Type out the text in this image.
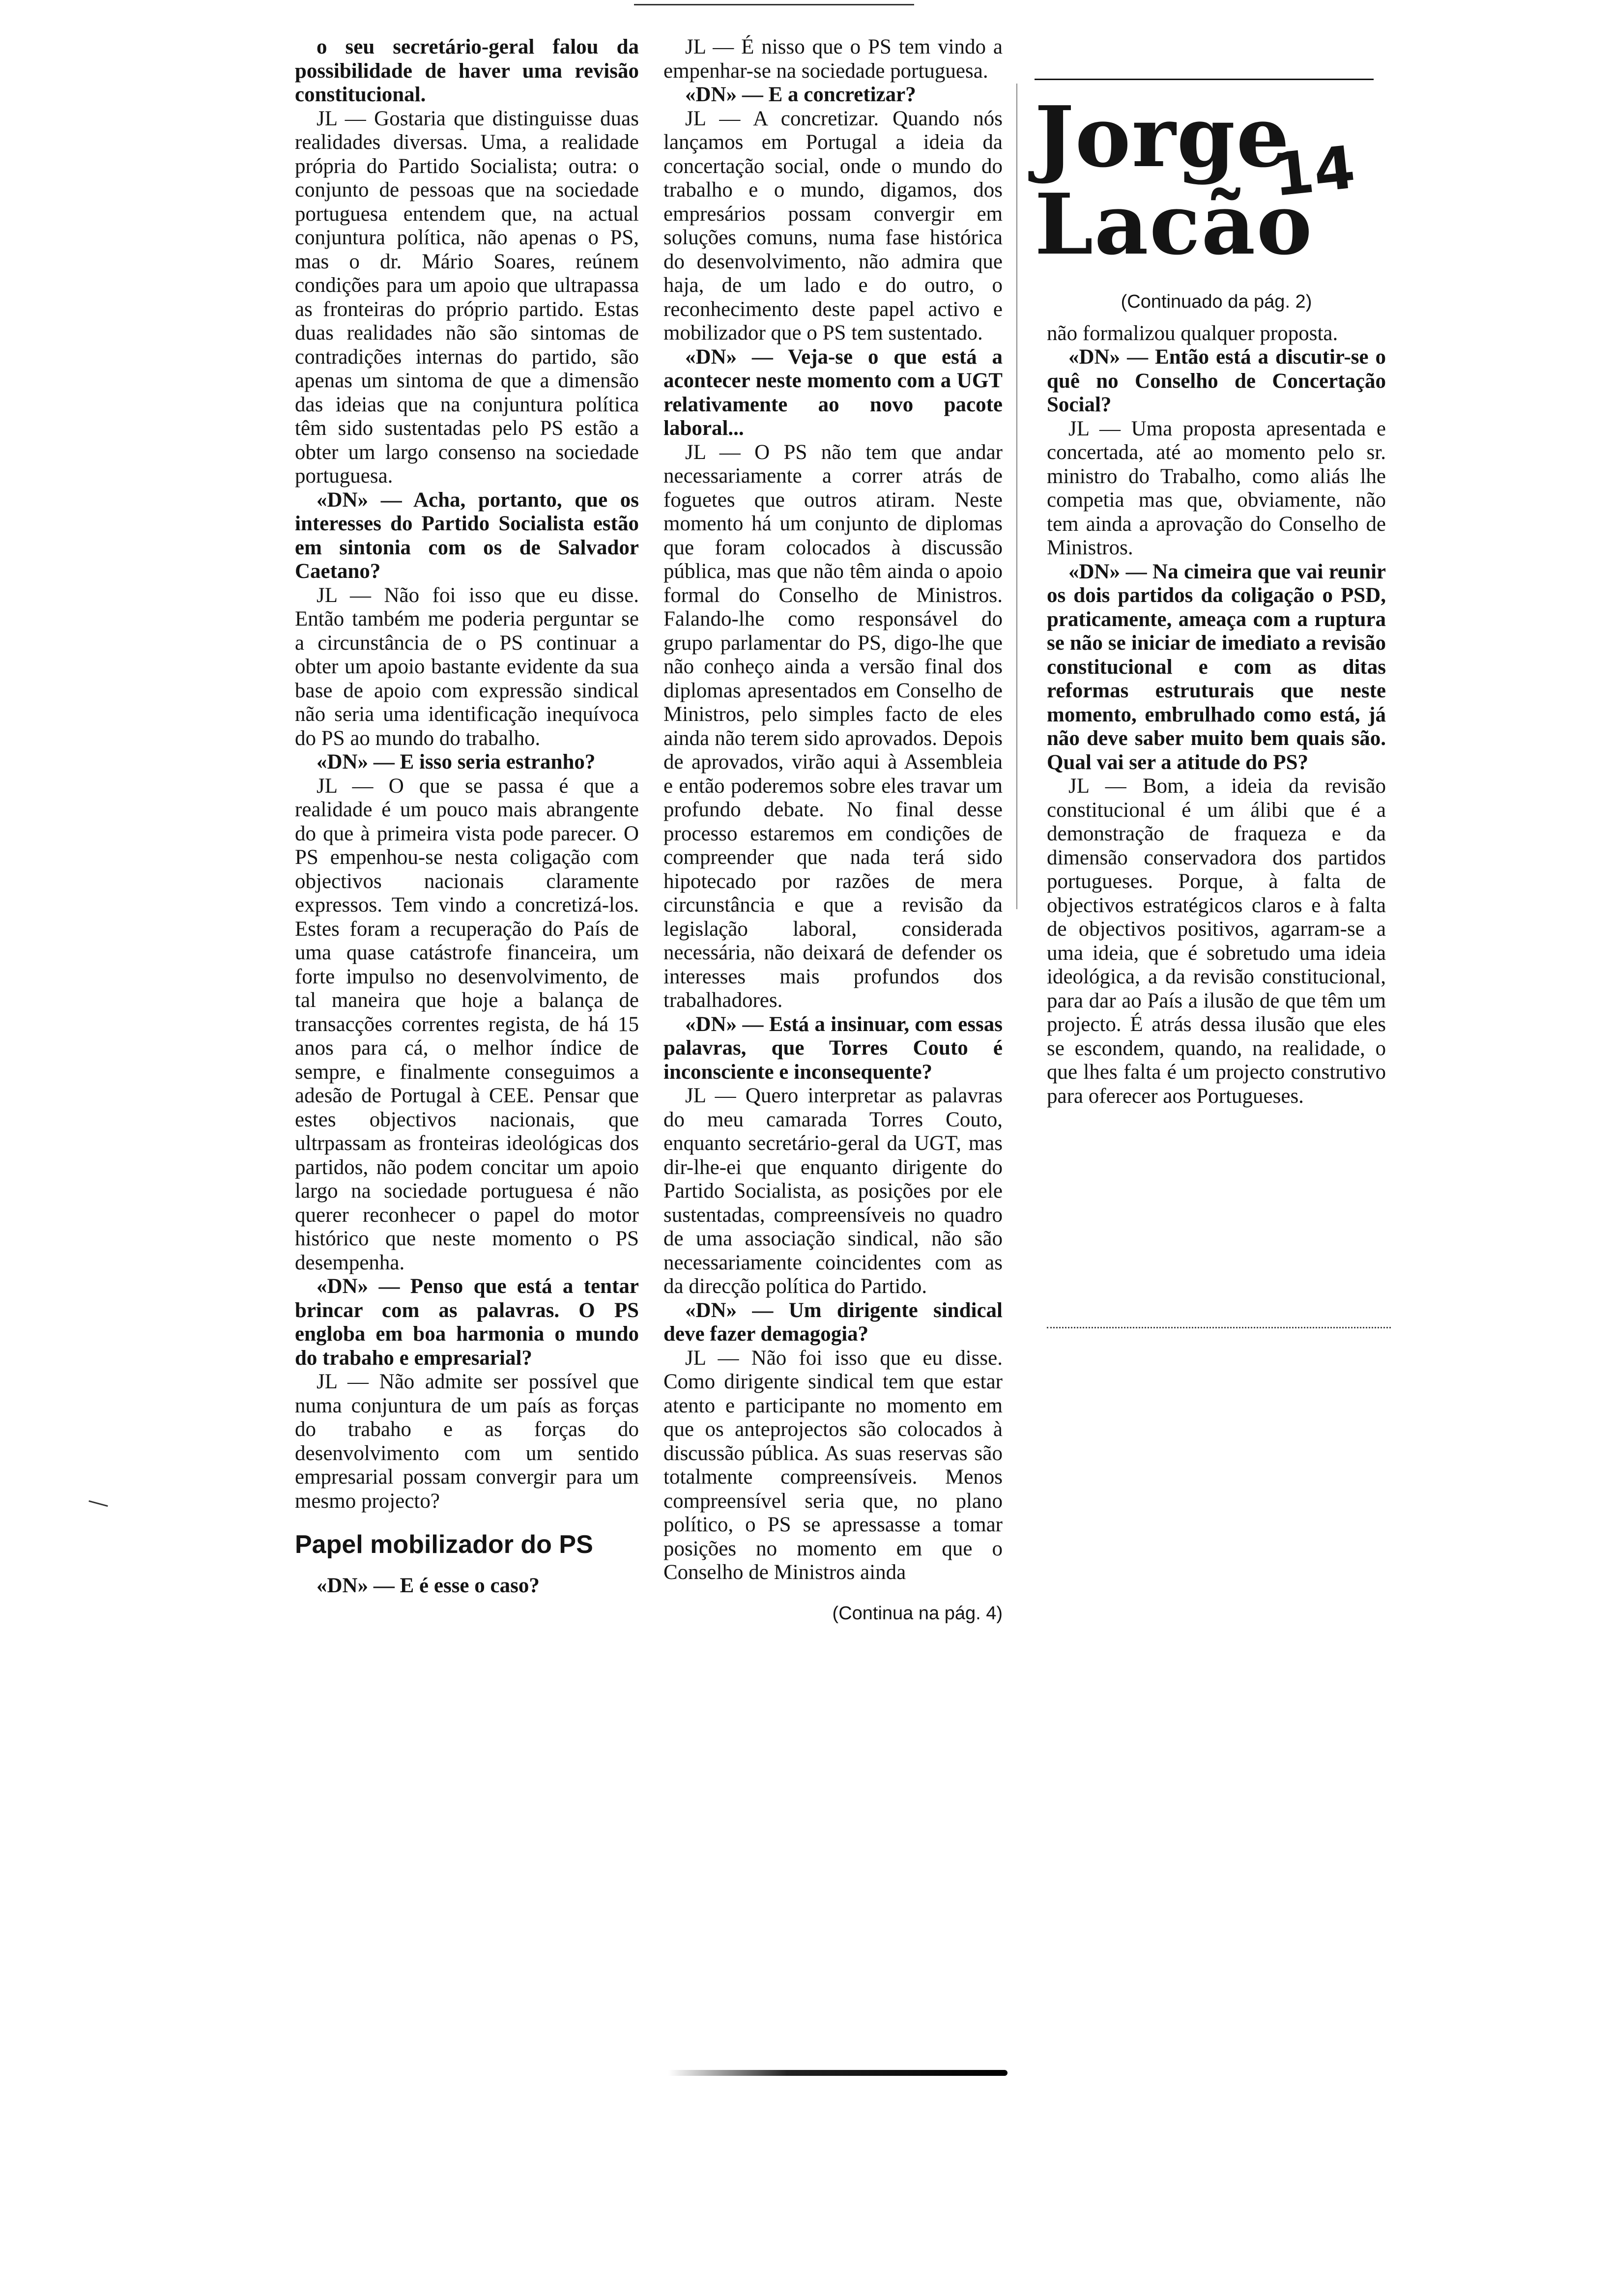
o seu secretário-geral falou da possibilidade de haver uma revisão constitucional.

JL — Gostaria que distinguisse duas realidades diversas. Uma, a realidade própria do Partido Socialista; outra: o conjunto de pessoas que na sociedade portuguesa entendem que, na actual conjuntura política, não apenas o PS, mas o dr. Mário Soares, reúnem condições para um apoio que ultrapassa as fronteiras do próprio partido. Estas duas realidades não são sintomas de contradições internas do partido, são apenas um sintoma de que a dimensão das ideias que na conjuntura política têm sido sustentadas pelo PS estão a obter um largo consenso na sociedade portuguesa.

«DN» — Acha, portanto, que os interesses do Partido Socialista estão em sintonia com os de Salvador Caetano?

JL — Não foi isso que eu disse. Então também me poderia perguntar se a circunstância de o PS continuar a obter um apoio bastante evidente da sua base de apoio com expressão sindical não seria uma identificação inequívoca do PS ao mundo do trabalho.

«DN» — E isso seria estranho?

JL — O que se passa é que a realidade é um pouco mais abrangente do que à primeira vista pode parecer. O PS empenhou-se nesta coligação com objectivos nacionais claramente expressos. Tem vindo a concretizá-los. Estes foram a recuperação do País de uma quase catástrofe financeira, um forte impulso no desenvolvimento, de tal maneira que hoje a balança de transacções correntes regista, de há 15 anos para cá, o melhor índice de sempre, e finalmente conseguimos a adesão de Portugal à CEE. Pensar que estes objectivos nacionais, que ultrpassam as fronteiras ideológicas dos partidos, não podem concitar um apoio largo na sociedade portuguesa é não querer reconhecer o papel do motor histórico que neste momento o PS desempenha.

«DN» — Penso que está a tentar brincar com as palavras. O PS engloba em boa harmonia o mundo do trabaho e empresarial?

JL — Não admite ser possível que numa conjuntura de um país as forças do trabaho e as forças do desenvolvimento com um sentido empresarial possam convergir para um mesmo projecto?

Papel mobilizador do PS

«DN» — E é esse o caso?

JL — É nisso que o PS tem vindo a empenhar-se na sociedade portuguesa.

«DN» — E a concretizar?

JL — A concretizar. Quando nós lançamos em Portugal a ideia da concertação social, onde o mundo do trabalho e o mundo, digamos, dos empresários possam convergir em soluções comuns, numa fase histórica do desenvolvimento, não admira que haja, de um lado e do outro, o reconhecimento deste papel activo e mobilizador que o PS tem sustentado.

«DN» — Veja-se o que está a acontecer neste momento com a UGT relativamente ao novo pacote laboral...

JL — O PS não tem que andar necessariamente a correr atrás de foguetes que outros atiram. Neste momento há um conjunto de diplomas que foram colocados à discussão pública, mas que não têm ainda o apoio formal do Conselho de Ministros. Falando-lhe como responsável do grupo parlamentar do PS, digo-lhe que não conheço ainda a versão final dos diplomas apresentados em Conselho de Ministros, pelo simples facto de eles ainda não terem sido aprovados. Depois de aprovados, virão aqui à Assembleia e então poderemos sobre eles travar um profundo debate. No final desse processo estaremos em condições de compreender que nada terá sido hipotecado por razões de mera circunstância e que a revisão da legislação laboral, considerada necessária, não deixará de defender os interesses mais profundos dos trabalhadores.

«DN» — Está a insinuar, com essas palavras, que Torres Couto é inconsciente e inconsequente?

JL — Quero interpretar as palavras do meu camarada Torres Couto, enquanto secretário-geral da UGT, mas dir-lhe-ei que enquanto dirigente do Partido Socialista, as posições por ele sustentadas, compreensíveis no quadro de uma associação sindical, não são necessariamente coincidentes com as da direcção política do Partido.

«DN» — Um dirigente sindical deve fazer demagogia?

JL — Não foi isso que eu disse. Como dirigente sindical tem que estar atento e participante no momento em que os anteprojectos são colocados à discussão pública. As suas reservas são totalmente compreensíveis. Menos compreensível seria que, no plano político, o PS se apressasse a tomar posições no momento em que o Conselho de Ministros ainda

(Continua na pág. 4)
Jorge
Lacão
14
(Continuado da pág. 2)

não formalizou qualquer proposta.

«DN» — Então está a discutir-se o quê no Conselho de Concertação Social?

JL — Uma proposta apresentada e concertada, até ao momento pelo sr. ministro do Trabalho, como aliás lhe competia mas que, obviamente, não tem ainda a aprovação do Conselho de Ministros.

«DN» — Na cimeira que vai reunir os dois partidos da coligação o PSD, praticamente, ameaça com a ruptura se não se iniciar de imediato a revisão constitucional e com as ditas reformas estruturais que neste momento, embrulhado como está, já não deve saber muito bem quais são. Qual vai ser a atitude do PS?

JL — Bom, a ideia da revisão constitucional é um álibi que é a demonstração de fraqueza e da dimensão conservadora dos partidos portugueses. Porque, à falta de objectivos estratégicos claros e à falta de objectivos positivos, agarram-se a uma ideia, que é sobretudo uma ideia ideológica, a da revisão constitucional, para dar ao País a ilusão de que têm um projecto. É atrás dessa ilusão que eles se escondem, quando, na realidade, o que lhes falta é um projecto construtivo para oferecer aos Portugueses.
